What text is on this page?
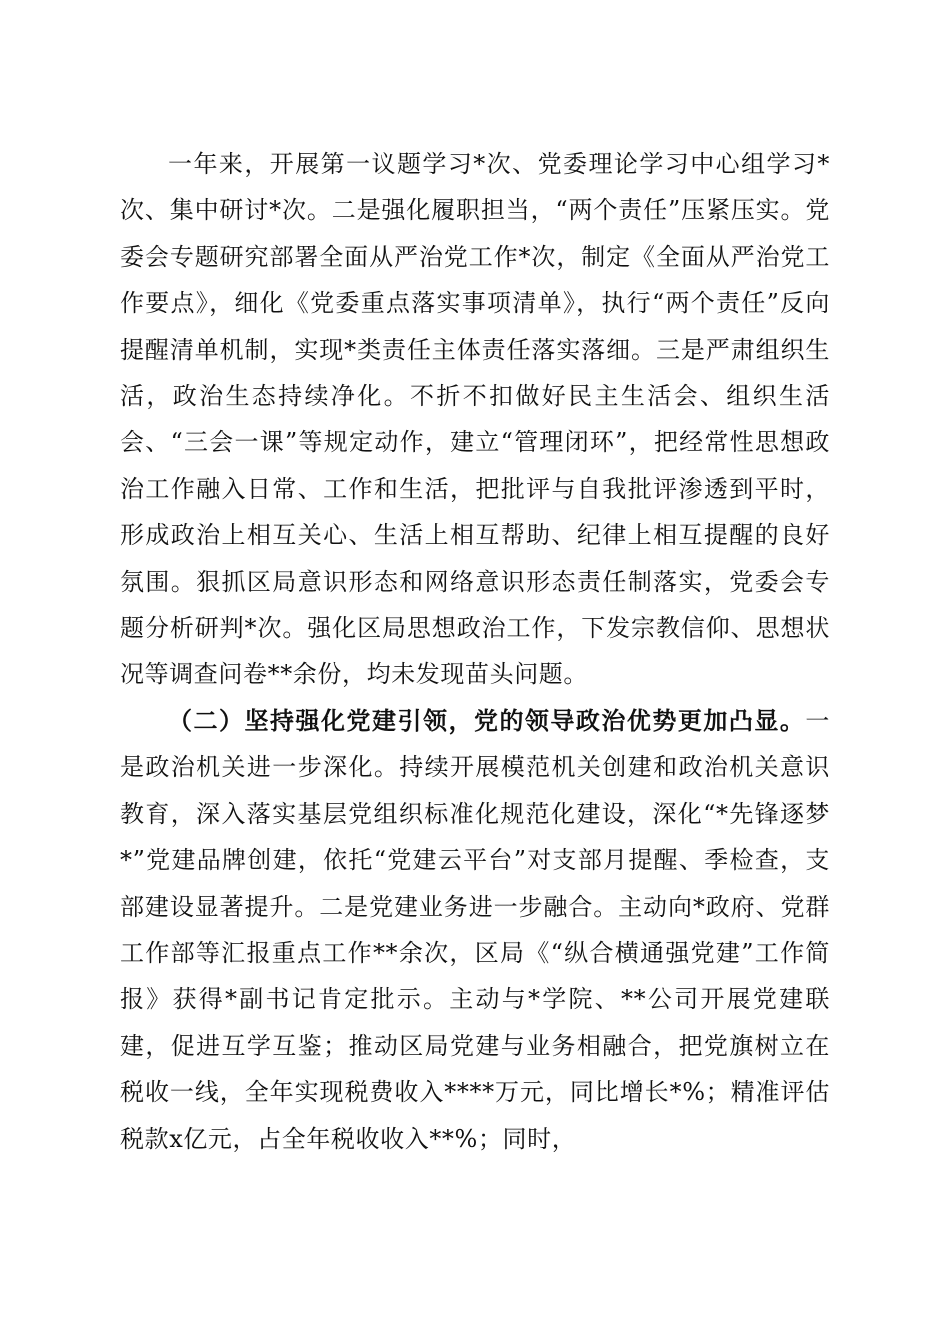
一年来，开展第一议题学习*次、党委理论学习中心组学习*次、集中研讨*次。二是强化履职担当，“两个责任”压紧压实。党委会专题研究部署全面从严治党工作*次，制定《全面从严治党工作要点》，细化《党委重点落实事项清单》，执行“两个责任”反向提醒清单机制，实现*类责任主体责任落实落细。三是严肃组织生活，政治生态持续净化。不折不扣做好民主生活会、组织生活会、“三会一课”等规定动作，建立“管理闭环”，把经常性思想政治工作融入日常、工作和生活，把批评与自我批评渗透到平时，形成政治上相互关心、生活上相互帮助、纪律上相互提醒的良好氛围。狠抓区局意识形态和网络意识形态责任制落实，党委会专题分析研判*次。强化区局思想政治工作，下发宗教信仰、思想状况等调查问卷**余份，均未发现苗头问题。

（二）坚持强化党建引领，党的领导政治优势更加凸显。一是政治机关进一步深化。持续开展模范机关创建和政治机关意识教育，深入落实基层党组织标准化规范化建设，深化“*先锋逐梦*”党建品牌创建，依托“党建云平台”对支部月提醒、季检查，支部建设显著提升。二是党建业务进一步融合。主动向*政府、党群工作部等汇报重点工作**余次，区局《“纵合横通强党建”工作简报》获得*副书记肯定批示。主动与*学院、**公司开展党建联建，促进互学互鉴；推动区局党建与业务相融合，把党旗树立在税收一线，全年实现税费收入****万元，同比增长*%；精准评估税款x亿元，占全年税收收入**%；同时，
